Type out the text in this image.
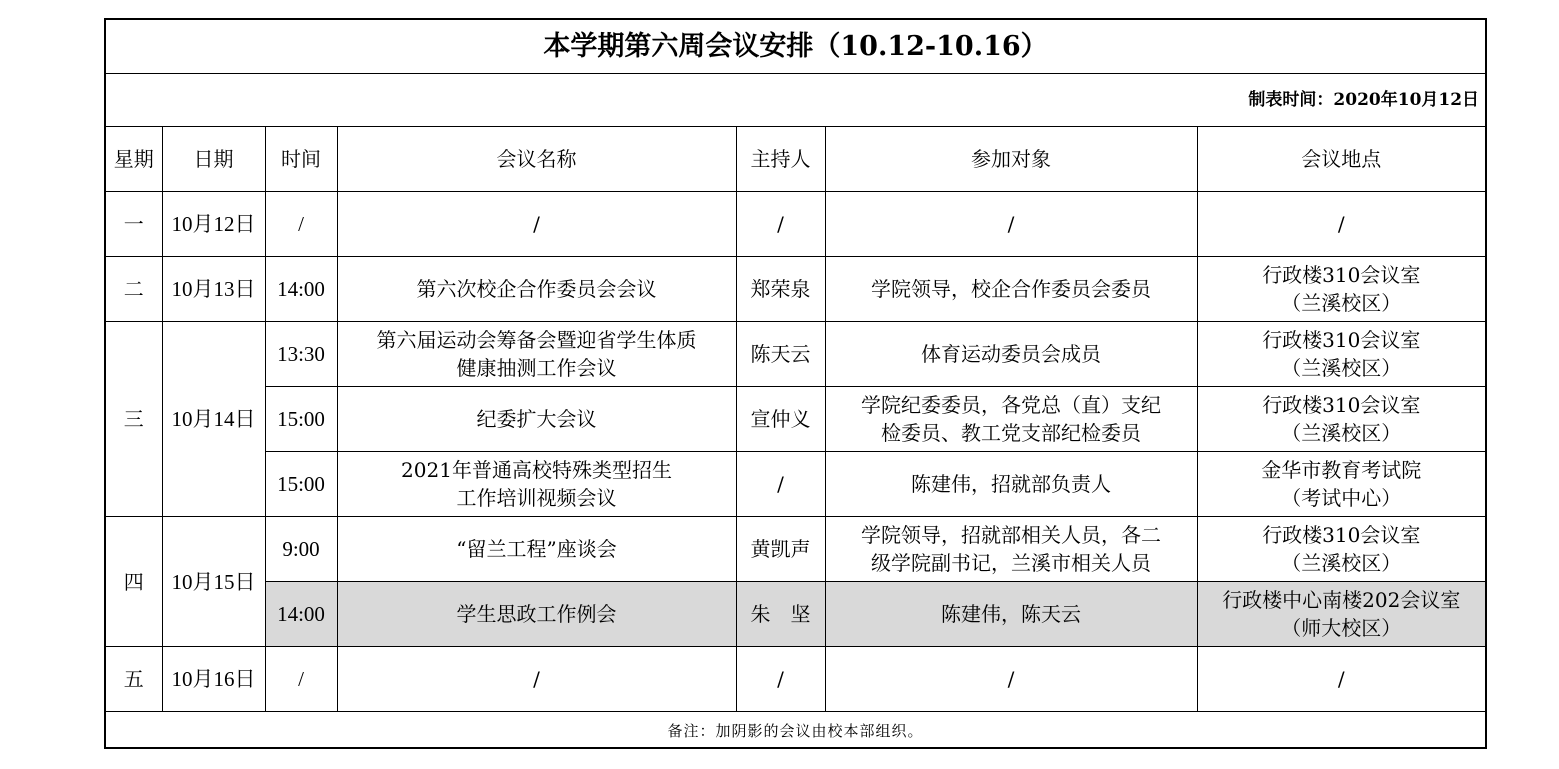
本学期第六周会议安排（10.12-10.16）						
制表时间：2020年10月12日						
星期	日期	时间	会议名称	主持人	参加对象	会议地点
一	10月12日	/	/	/	/	/

二	10月13日	14:00	第六次校企合作委员会会议	郑荣泉	学院领导，校企合作委员会委员	行政楼310会议室
（兰溪校区）

三	10月14日	13:30	第六届运动会筹备会暨迎省学生体质
健康抽测工作会议	陈天云	体育运动委员会成员	行政楼310会议室
（兰溪校区）

		15:00	纪委扩大会议	宣仲义	学院纪委委员，各党总（直）支纪
检委员、教工党支部纪检委员	行政楼310会议室
（兰溪校区）

		15:00	2021年普通高校特殊类型招生
工作培训视频会议	/	陈建伟，招就部负责人	金华市教育考试院
（考试中心）

四	10月15日	9:00	“留兰工程”座谈会	黄凯声	学院领导，招就部相关人员，各二
级学院副书记，兰溪市相关人员	行政楼310会议室
（兰溪校区）

		14:00	学生思政工作例会	朱　坚	陈建伟，陈天云	行政楼中心南楼202会议室
（师大校区）

五	10月16日	/	/	/	/	/

备注：加阴影的会议由校本部组织。						
